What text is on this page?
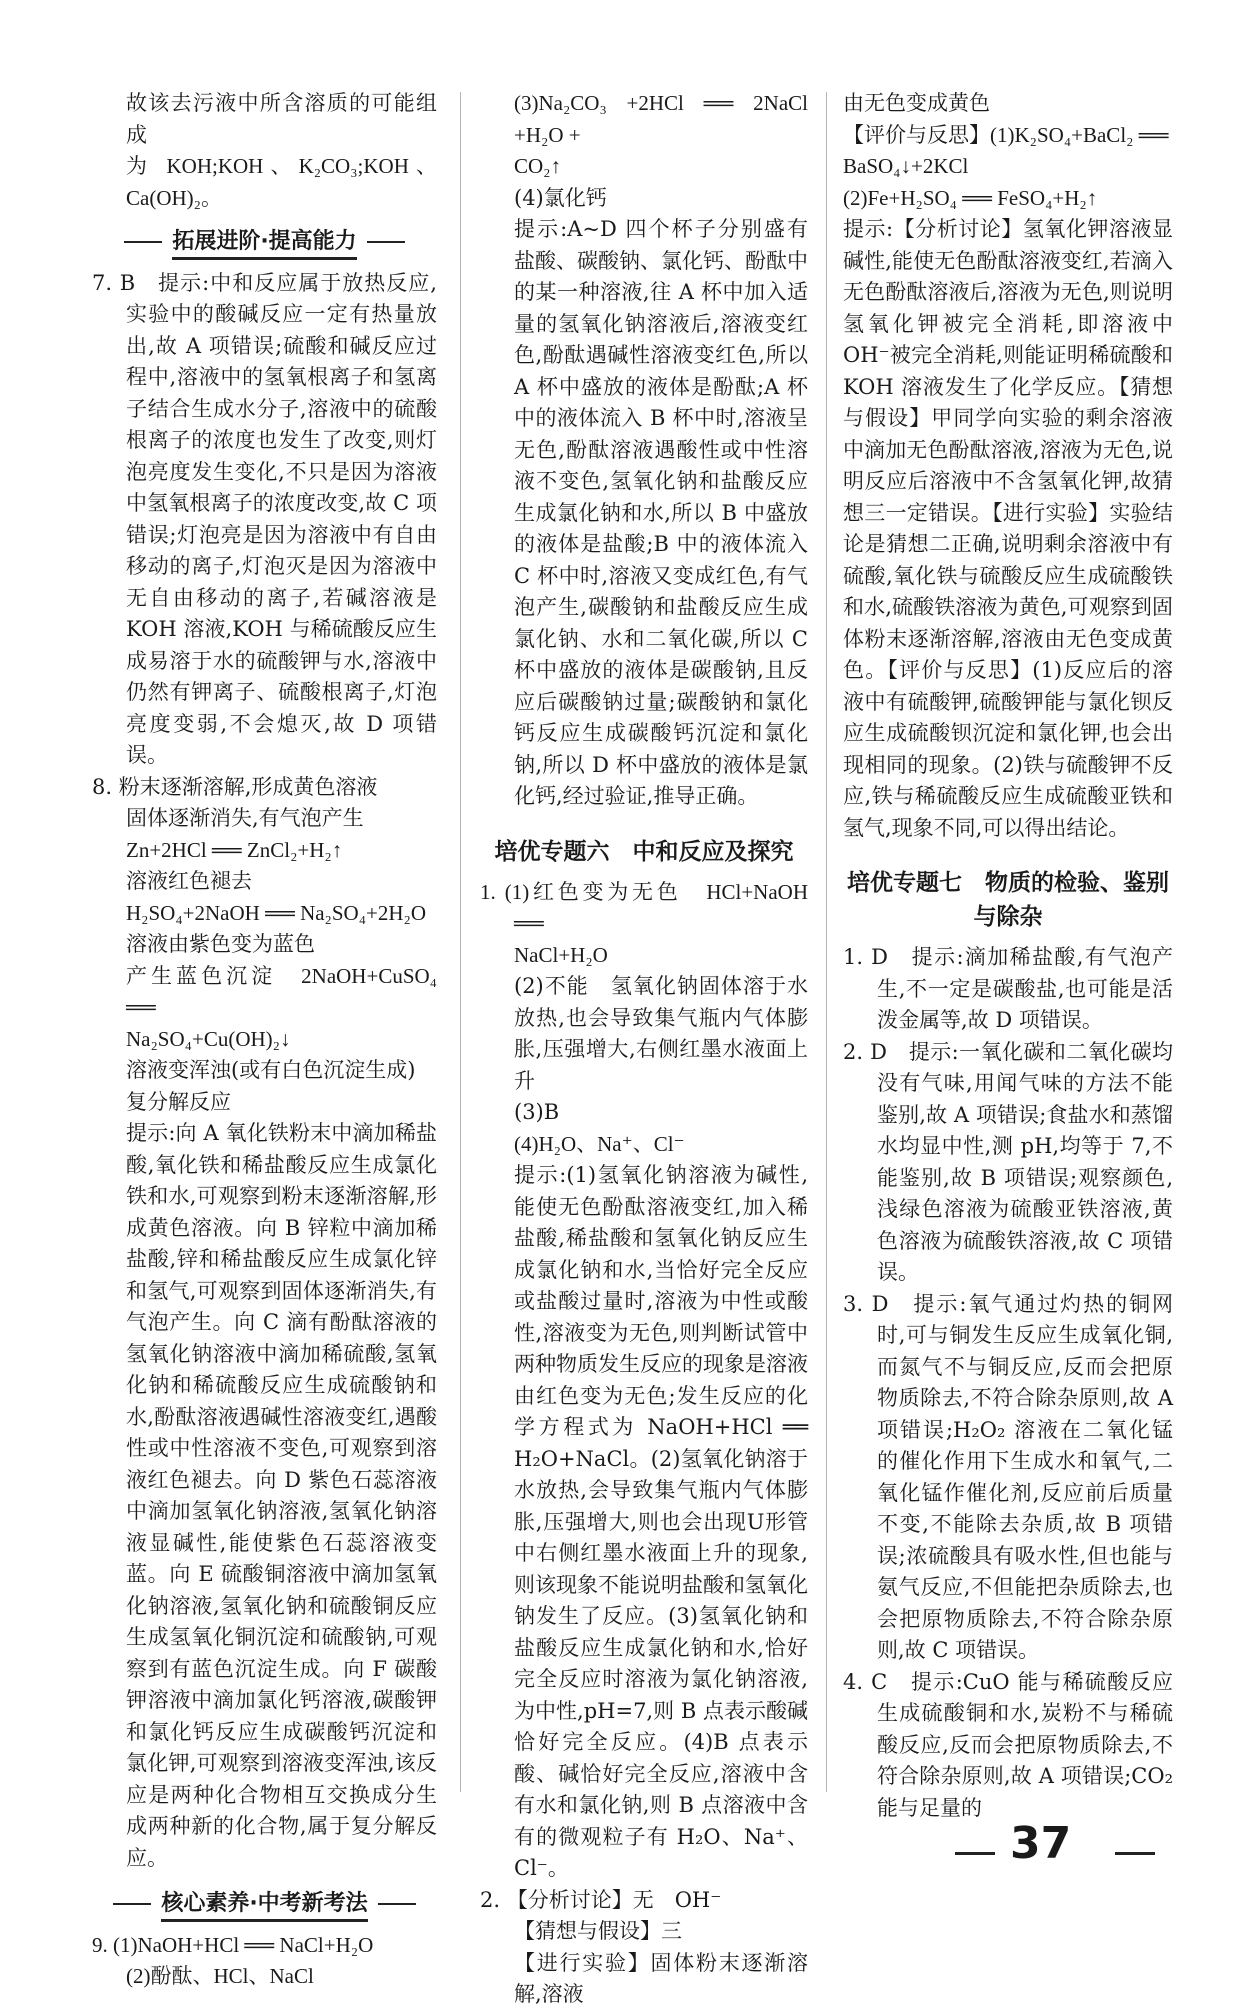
故该去污液中所含溶质的可能组成

为 KOH;KOH、K₂CO₃;KOH、Ca(OH)₂。

拓展进阶·提高能力

7. B　提示:中和反应属于放热反应,实验中的酸碱反应一定有热量放出,故 A 项错误;硫酸和碱反应过程中,溶液中的氢氧根离子和氢离子结合生成水分子,溶液中的硫酸根离子的浓度也发生了改变,则灯泡亮度发生变化,不只是因为溶液中氢氧根离子的浓度改变,故 C 项错误;灯泡亮是因为溶液中有自由移动的离子,灯泡灭是因为溶液中无自由移动的离子,若碱溶液是 KOH 溶液,KOH 与稀硫酸反应生成易溶于水的硫酸钾与水,溶液中仍然有钾离子、硫酸根离子,灯泡亮度变弱,不会熄灭,故 D 项错误。

8. 粉末逐渐溶解,形成黄色溶液

固体逐渐消失,有气泡产生

Zn+2HCl ══ ZnCl₂+H₂↑

溶液红色褪去

H₂SO₄+2NaOH ══ Na₂SO₄+2H₂O

溶液由紫色变为蓝色

产生蓝色沉淀　2NaOH+CuSO₄ ══

Na₂SO₄+Cu(OH)₂↓

溶液变浑浊(或有白色沉淀生成)

复分解反应

提示:向 A 氧化铁粉末中滴加稀盐酸,氧化铁和稀盐酸反应生成氯化铁和水,可观察到粉末逐渐溶解,形成黄色溶液。向 B 锌粒中滴加稀盐酸,锌和稀盐酸反应生成氯化锌和氢气,可观察到固体逐渐消失,有气泡产生。向 C 滴有酚酞溶液的氢氧化钠溶液中滴加稀硫酸,氢氧化钠和稀硫酸反应生成硫酸钠和水,酚酞溶液遇碱性溶液变红,遇酸性或中性溶液不变色,可观察到溶液红色褪去。向 D 紫色石蕊溶液中滴加氢氧化钠溶液,氢氧化钠溶液显碱性,能使紫色石蕊溶液变蓝。向 E 硫酸铜溶液中滴加氢氧化钠溶液,氢氧化钠和硫酸铜反应生成氢氧化铜沉淀和硫酸钠,可观察到有蓝色沉淀生成。向 F 碳酸钾溶液中滴加氯化钙溶液,碳酸钾和氯化钙反应生成碳酸钙沉淀和氯化钾,可观察到溶液变浑浊,该反应是两种化合物相互交换成分生成两种新的化合物,属于复分解反应。

核心素养·中考新考法

9. (1)NaOH+HCl ══ NaCl+H₂O

(2)酚酞、HCl、NaCl

(3)Na₂CO₃ +2HCl ══ 2NaCl +H₂O +

CO₂↑

(4)氯化钙

提示:A~D 四个杯子分别盛有盐酸、碳酸钠、氯化钙、酚酞中的某一种溶液,往 A 杯中加入适量的氢氧化钠溶液后,溶液变红色,酚酞遇碱性溶液变红色,所以 A 杯中盛放的液体是酚酞;A 杯中的液体流入 B 杯中时,溶液呈无色,酚酞溶液遇酸性或中性溶液不变色,氢氧化钠和盐酸反应生成氯化钠和水,所以 B 中盛放的液体是盐酸;B 中的液体流入 C 杯中时,溶液又变成红色,有气泡产生,碳酸钠和盐酸反应生成氯化钠、水和二氧化碳,所以 C 杯中盛放的液体是碳酸钠,且反应后碳酸钠过量;碳酸钠和氯化钙反应生成碳酸钙沉淀和氯化钠,所以 D 杯中盛放的液体是氯化钙,经过验证,推导正确。

培优专题六　中和反应及探究

1. (1)红色变为无色　HCl+NaOH ══

NaCl+H₂O

(2)不能　氢氧化钠固体溶于水放热,也会导致集气瓶内气体膨胀,压强增大,右侧红墨水液面上升

(3)B

(4)H₂O、Na⁺、Cl⁻

提示:(1)氢氧化钠溶液为碱性,能使无色酚酞溶液变红,加入稀盐酸,稀盐酸和氢氧化钠反应生成氯化钠和水,当恰好完全反应或盐酸过量时,溶液为中性或酸性,溶液变为无色,则判断试管中两种物质发生反应的现象是溶液由红色变为无色;发生反应的化学方程式为 NaOH+HCl ══ H₂O+NaCl。(2)氢氧化钠溶于水放热,会导致集气瓶内气体膨胀,压强增大,则也会出现U形管中右侧红墨水液面上升的现象,则该现象不能说明盐酸和氢氧化钠发生了反应。(3)氢氧化钠和盐酸反应生成氯化钠和水,恰好完全反应时溶液为氯化钠溶液,为中性,pH=7,则 B 点表示酸碱恰好完全反应。(4)B 点表示酸、碱恰好完全反应,溶液中含有水和氯化钠,则 B 点溶液中含有的微观粒子有 H₂O、Na⁺、Cl⁻。

2. 【分析讨论】无　OH⁻

【猜想与假设】三

【进行实验】固体粉末逐渐溶解,溶液

由无色变成黄色

【评价与反思】(1)K₂SO₄+BaCl₂ ══

BaSO₄↓+2KCl

(2)Fe+H₂SO₄ ══ FeSO₄+H₂↑

提示:【分析讨论】氢氧化钾溶液显碱性,能使无色酚酞溶液变红,若滴入无色酚酞溶液后,溶液为无色,则说明氢氧化钾被完全消耗,即溶液中 OH⁻被完全消耗,则能证明稀硫酸和 KOH 溶液发生了化学反应。【猜想与假设】甲同学向实验的剩余溶液中滴加无色酚酞溶液,溶液为无色,说明反应后溶液中不含氢氧化钾,故猜想三一定错误。【进行实验】实验结论是猜想二正确,说明剩余溶液中有硫酸,氧化铁与硫酸反应生成硫酸铁和水,硫酸铁溶液为黄色,可观察到固体粉末逐渐溶解,溶液由无色变成黄色。【评价与反思】(1)反应后的溶液中有硫酸钾,硫酸钾能与氯化钡反应生成硫酸钡沉淀和氯化钾,也会出现相同的现象。(2)铁与硫酸钾不反应,铁与稀硫酸反应生成硫酸亚铁和氢气,现象不同,可以得出结论。

培优专题七　物质的检验、鉴别
与除杂

1. D　提示:滴加稀盐酸,有气泡产生,不一定是碳酸盐,也可能是活泼金属等,故 D 项错误。

2. D　提示:一氧化碳和二氧化碳均没有气味,用闻气味的方法不能鉴别,故 A 项错误;食盐水和蒸馏水均显中性,测 pH,均等于 7,不能鉴别,故 B 项错误;观察颜色,浅绿色溶液为硫酸亚铁溶液,黄色溶液为硫酸铁溶液,故 C 项错误。

3. D　提示:氧气通过灼热的铜网时,可与铜发生反应生成氧化铜,而氮气不与铜反应,反而会把原物质除去,不符合除杂原则,故 A 项错误;H₂O₂ 溶液在二氧化锰的催化作用下生成水和氧气,二氧化锰作催化剂,反应前后质量不变,不能除去杂质,故 B 项错误;浓硫酸具有吸水性,但也能与氨气反应,不但能把杂质除去,也会把原物质除去,不符合除杂原则,故 C 项错误。

4. C　提示:CuO 能与稀硫酸反应生成硫酸铜和水,炭粉不与稀硫酸反应,反而会把原物质除去,不符合除杂原则,故 A 项错误;CO₂ 能与足量的

37
